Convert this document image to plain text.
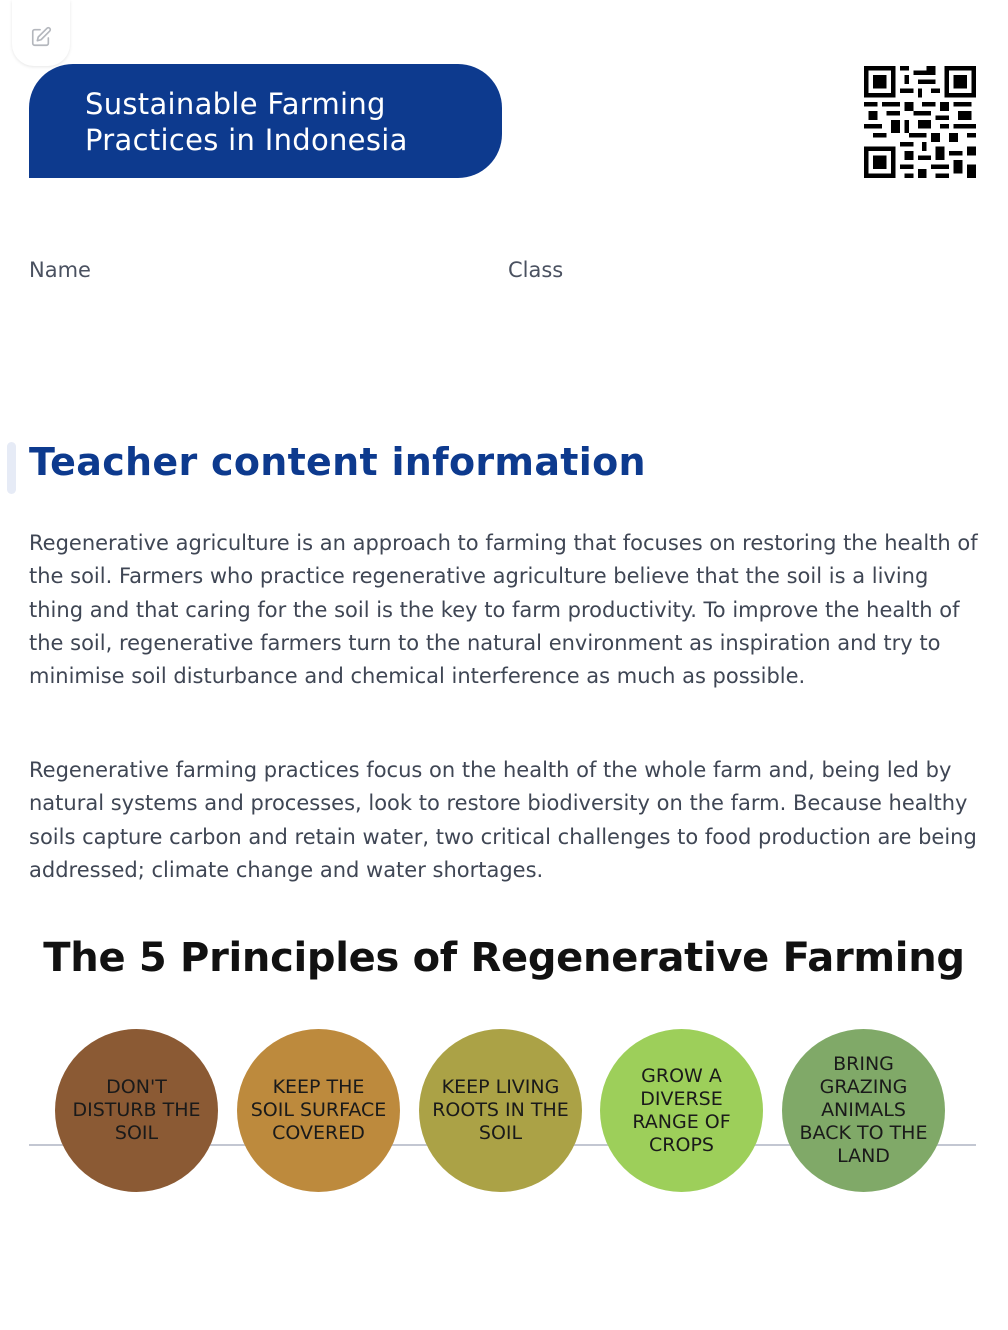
Sustainable Farming
Practices in Indonesia
Name	Class
Teacher content information

Regenerative agriculture is an approach to farming that focuses on restoring the health of the soil. Farmers who practice regenerative agriculture believe that the soil is a living thing and that caring for the soil is the key to farm productivity. To improve the health of the soil, regenerative farmers turn to the natural environment as inspiration and try to minimise soil disturbance and chemical interference as much as possible.

Regenerative farming practices focus on the health of the whole farm and, being led by natural systems and processes, look to restore biodiversity on the farm. Because healthy soils capture carbon and retain water, two critical challenges to food production are being addressed; climate change and water shortages.

The 5 Principles of Regenerative Farming
DON'T DISTURB THE SOIL
KEEP THE SOIL SURFACE COVERED
KEEP LIVING ROOTS IN THE SOIL
GROW A DIVERSE RANGE OF CROPS
BRING GRAZING ANIMALS BACK TO THE LAND
